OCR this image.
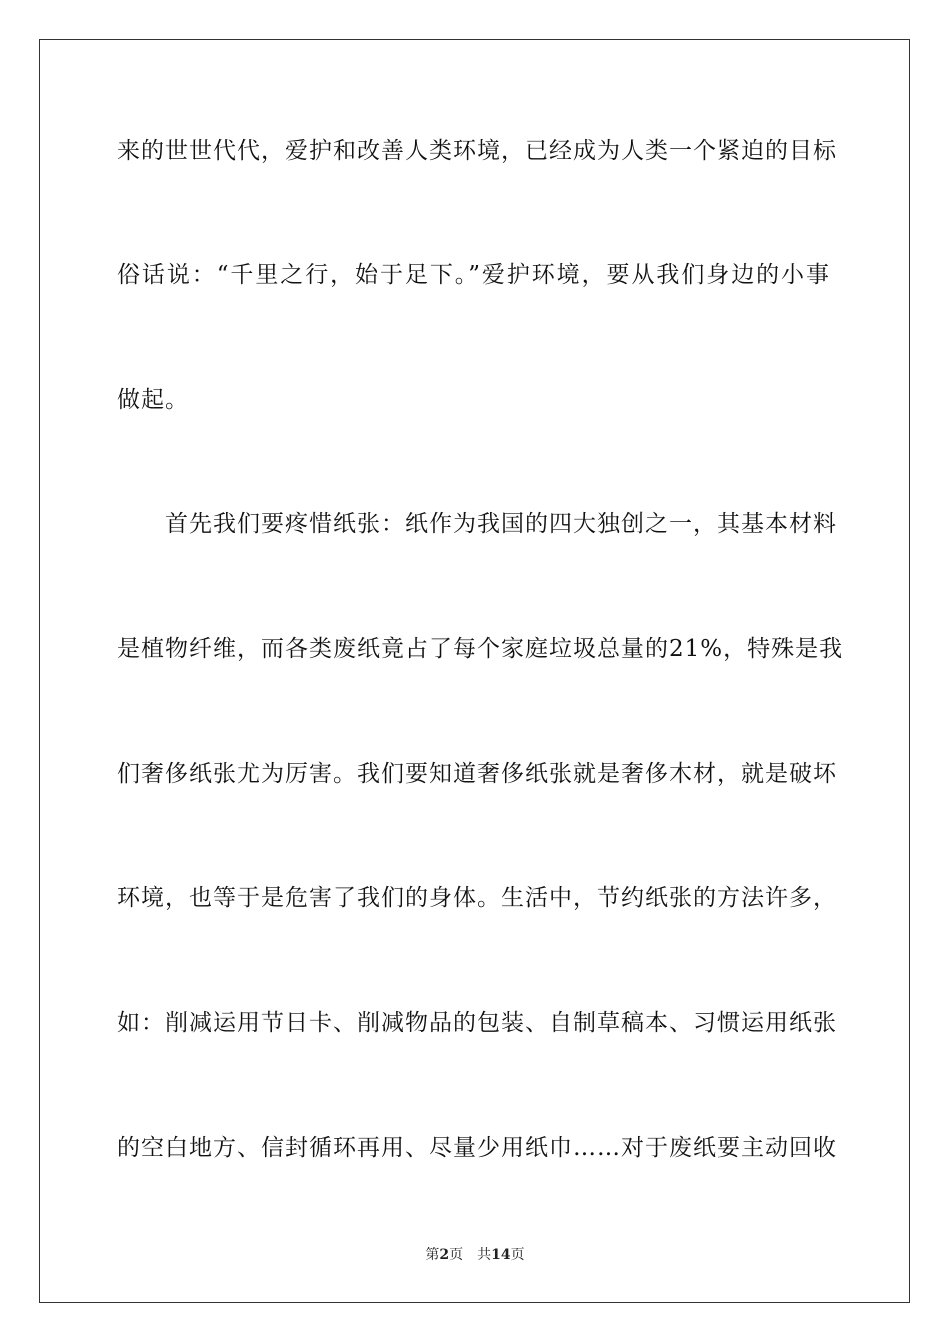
来的世世代代，爱护和改善人类环境，已经成为人类一个紧迫的目标
俗话说：“千里之行，始于足下。”爱护环境，要从我们身边的小事
做起。
首先我们要疼惜纸张：纸作为我国的四大独创之一，其基本材料
是植物纤维，而各类废纸竟占了每个家庭垃圾总量的21%，特殊是我
们奢侈纸张尤为厉害。我们要知道奢侈纸张就是奢侈木材，就是破坏
环境，也等于是危害了我们的身体。生活中，节约纸张的方法许多，
如：削减运用节日卡、削减物品的包装、自制草稿本、习惯运用纸张
的空白地方、信封循环再用、尽量少用纸巾……对于废纸要主动回收
第2页 共14页
